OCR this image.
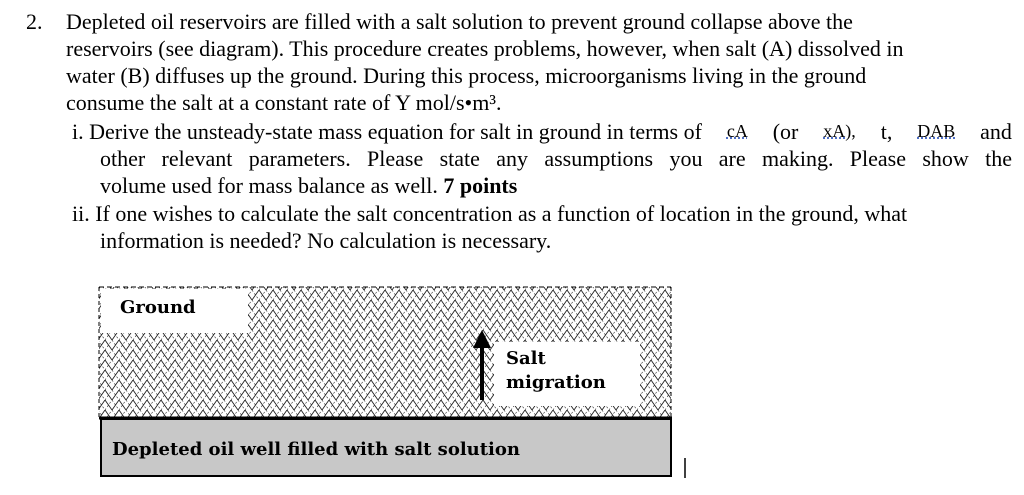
2. Depleted oil reservoirs are filled with a salt solution to prevent ground collapse above the
reservoirs (see diagram). This procedure creates problems, however, when salt (A) dissolved in
water (B) diffuses up the ground. During this process, microorganisms living in the ground
consume the salt at a constant rate of Y mol/s•m³.
i. Derive the unsteady-state mass equation for salt in ground in terms of cA (or xA), t, DAB and
other relevant parameters. Please state any assumptions you are making. Please show the
volume used for mass balance as well. 7 points
ii. If one wishes to calculate the salt concentration as a function of location in the ground, what
information is needed? No calculation is necessary.
Ground
Salt
migration
Depleted oil well filled with salt solution
